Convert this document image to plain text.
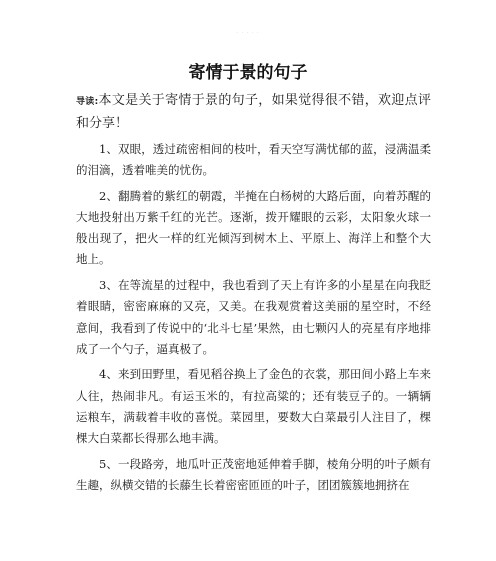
· · · · ·
寄情于景的句子

导读:本文是关于寄情于景的句子，如果觉得很不错，欢迎点评和分享！

1、双眼，透过疏密相间的枝叶，看天空写满忧郁的蓝，浸满温柔的泪滴，透着唯美的忧伤。

2、翻腾着的紫红的朝霞，半掩在白杨树的大路后面，向着苏醒的大地投射出万紫千红的光芒。逐渐，拨开耀眼的云彩，太阳象火球一般出现了，把火一样的红光倾泻到树木上、平原上、海洋上和整个大地上。

3、在等流星的过程中，我也看到了天上有许多的小星星在向我眨着眼睛，密密麻麻的又亮，又美。在我观赏着这美丽的星空时，不经意间，我看到了传说中的‘北斗七星’果然，由七颗闪人的亮星有序地排成了一个勺子，逼真极了。

4、来到田野里，看见稻谷换上了金色的衣裳，那田间小路上车来人往，热闹非凡。有运玉米的，有拉高粱的；还有装豆子的。一辆辆运粮车，满载着丰收的喜悦。菜园里，要数大白菜最引人注目了，棵棵大白菜都长得那么地丰满。

5、一段路旁，地瓜叶正茂密地延伸着手脚，棱角分明的叶子颇有生趣，纵横交错的长藤生长着密密匝匝的叶子，团团簇簇地拥挤在
